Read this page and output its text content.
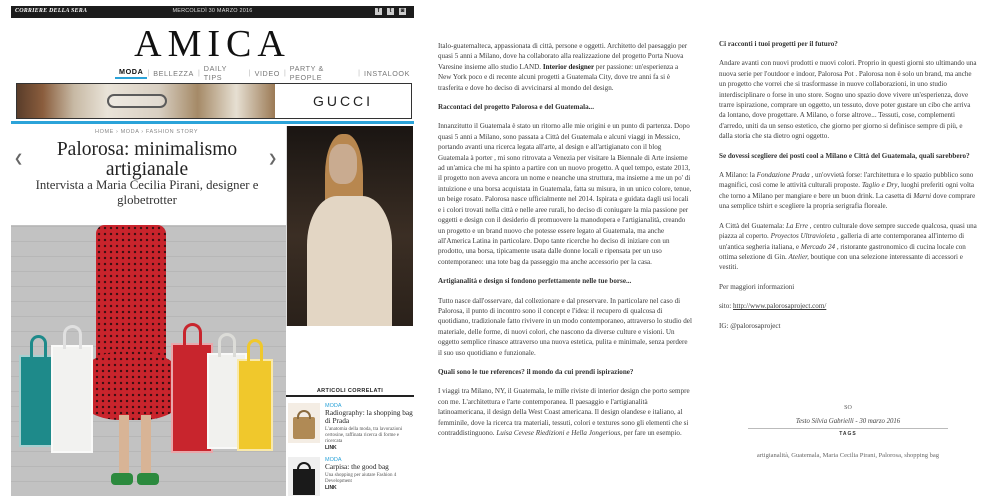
CORRIERE DELLA SERA	MERCOLEDÌ 30 MARZO 2016	f	t	◙
AMICA
MODA | BELLEZZA | DAILY TIPS	| VIDEO | PARTY & PEOPLE	| INSTALOOK
GUCCI
HOME › MODA › FASHION STORY
❮	❯
Palorosa: minimalismo artigianale
Intervista a Maria Cecilia Pirani, designer e globetrotter
ARTICOLI CORRELATI
MODA
Radiography: la shopping bag di Prada
L'anatomia della moda, tra lavorazioni certosine, raffinata ricerca di forme e ricercata
LINK
MODA
Carpisa: the good bag
Una shopping per aiutare Fashion 4 Development
LINK

Italo-guatemalteca, appassionata di città, persone e oggetti. Architetto del paesaggio per quasi 5 anni a Milano, dove ha collaborato alla realizzazione del progetto Porta Nuova Varesine insieme allo studio LAND. Interior designer per passione: un'esperienza a New York poco e di recente alcuni progetti a Guatemala City, dove tre anni fa si è trasferita e dove ho deciso di avvicinarsi al mondo del design.

Raccontaci del progetto Palorosa e del Guatemala...

Innanzitutto il Guatemala è stato un ritorno alle mie origini e un punto di partenza. Dopo quasi 5 anni a Milano, sono passata a Città del Guatemala e alcuni viaggi in Messico, portando avanti una ricerca legata all'arte, al design e all'artigianato con il blog Guatemala à porter , mi sono ritrovata a Venezia per visitare la Biennale di Arte insieme ad un'amica che mi ha spinto a partire con un nuovo progetto. A quel tempo, estate 2013, il progetto non aveva ancora un nome e neanche una struttura, ma insieme a me un po' di intuizione e una borsa acquistata in Guatemala, fatta su misura, in un unico colore, tenue, un beige rosato. Palorosa nasce ufficialmente nel 2014. Ispirata e guidata dagli usi locali e i colori trovati nella città e nelle aree rurali, ho deciso di coniugare la mia passione per oggetti e design con il desiderio di promuovere la manodopera e l'artigianalità, creando un progetto e un brand nuovo che potesse essere legato al Guatemala, ma anche all'America Latina in particolare. Dopo tante ricerche ho deciso di iniziare con un prodotto, una borsa, tipicamente usata dalle donne locali e ripensata per un uso contemporaneo: una tote bag da passeggio ma anche accessorio per la casa.

Artigianalità e design si fondono perfettamente nelle tue borse...

Tutto nasce dall'osservare, dal collezionare e dal preservare. In particolare nel caso di Palorosa, il punto di incontro sono il concept e l'idea: il recupero di qualcosa di quotidiano, tradizionale fatto rivivere in un modo contemporaneo, attraverso lo studio del materiale, delle forme, di nuovi colori, che nascono da diverse culture e visioni. Un oggetto semplice rinasce attraverso una nuova estetica, pulita e minimale, senza perdere il suo uso quotidiano e funzionale.

Quali sono le tue references? il mondo da cui prendi ispirazione?

I viaggi tra Milano, NY, il Guatemala, le mille riviste di interior design che porto sempre con me. L'architettura e l'arte contemporanea. Il paesaggio e l'artigianalità latinoamericana, il design della West Coast americana. Il design olandese e italiano, al femminile, dove la ricerca tra materiali, tessuti, colori e textures sono gli elementi che si contraddistinguono. Luisa Cevese Riedizioni e Hella Jongerious, per fare un esempio.

Ci racconti i tuoi progetti per il futuro?

Andare avanti con nuovi prodotti e nuovi colori. Proprio in questi giorni sto ultimando una nuova serie per l'outdoor e indoor, Palorosa Pot . Palorosa non è solo un brand, ma anche un progetto che vorrei che si trasformasse in nuove collaborazioni, in uno studio interdisciplinare o forse in uno store. Sogno uno spazio dove vivere un'esperienza, dove trarre ispirazione, comprare un oggetto, un tessuto, dove poter gustare un cibo che arriva da lontano, dove progettare. A Milano, o forse altrove... Tessuti, cose, complementi d'arredo, uniti da un senso estetico, che giorno per giorno si definisce sempre di più, e dalla storia che sta dietro ogni oggetto.

Se dovessi scegliere dei posti cool a Milano e Città del Guatemala, quali sarebbero?

A Milano: la Fondazione Prada , un'ovvietà forse: l'architettura e lo spazio pubblico sono magnifici, così come le attività culturali proposte. Taglio e Dry, luoghi preferiti ogni volta che torno a Milano per mangiare e bere un buon drink. La casetta di Marni dove comprare una semplice tshirt e scegliere la propria serigrafia floreale.

A Città del Guatemala: La Erre , centro culturale dove sempre succede qualcosa, quasi una piazza al coperto. Proyectos Ultravioleta , galleria di arte contemporanea all'interno di un'antica segheria italiana, e Mercado 24 , ristorante gastronomico di cucina locale con ottima selezione di Gin. Atelier, boutique con una selezione interessante di accessori e vestiti.

Per maggiori informazioni

sito: http://www.palorosaproject.com/

IG: @palorosaproject

SO
Testo Silvia Gabrielli - 30 marzo 2016
TAGS
artigianalità, Guatemala, Maria Cecilia Pirani, Palorosa, shopping bag
